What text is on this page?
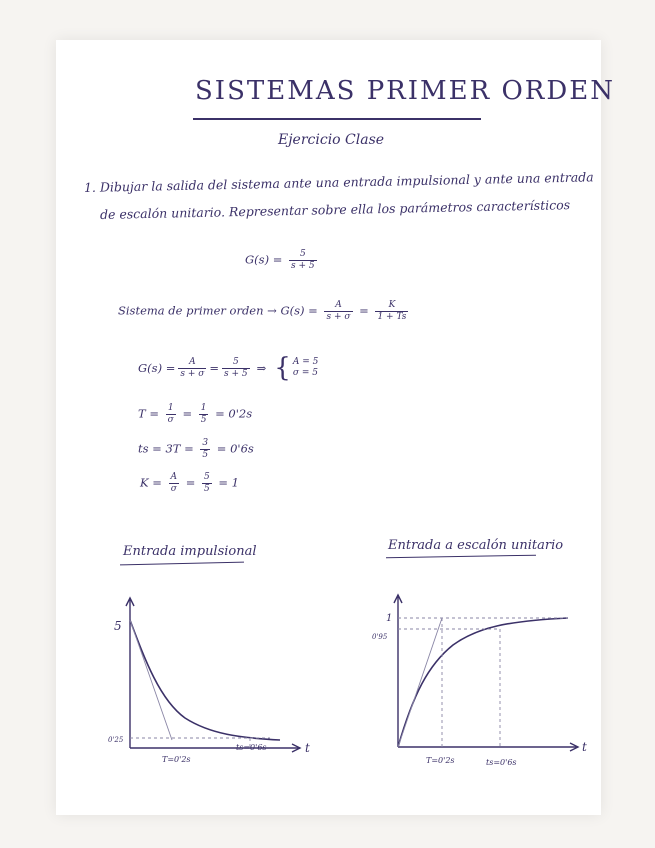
SISTEMAS PRIMER ORDEN
Ejercicio Clase
1. Dibujar la salida del sistema ante una entrada impulsional y ante una entrada
de escalón unitario. Representar sobre ella los parámetros característicos
$G(s) = \frac{5}{s + 5}$
Sistema de primer orden → $G(s) = \frac{A}{s + \sigma} = \frac{K}{1 + Ts}$
$G(s) = \frac{A}{s + \sigma} = \frac{5}{s + 5}$ ⇒ { A = 5
σ = 5
$T = \frac{1}{\sigma} = \frac{1}{5} = 0'2s$
ts = $3T = \frac{3}{5} = 0'6s$
$K = \frac{A}{\sigma} = \frac{5}{5} = 1$
Entrada impulsional	Entrada a escalón unitario
5
0'25
t
T=0'2s
ts=0'6s
1
0'95
t
T=0'2s	ts=0'6s
